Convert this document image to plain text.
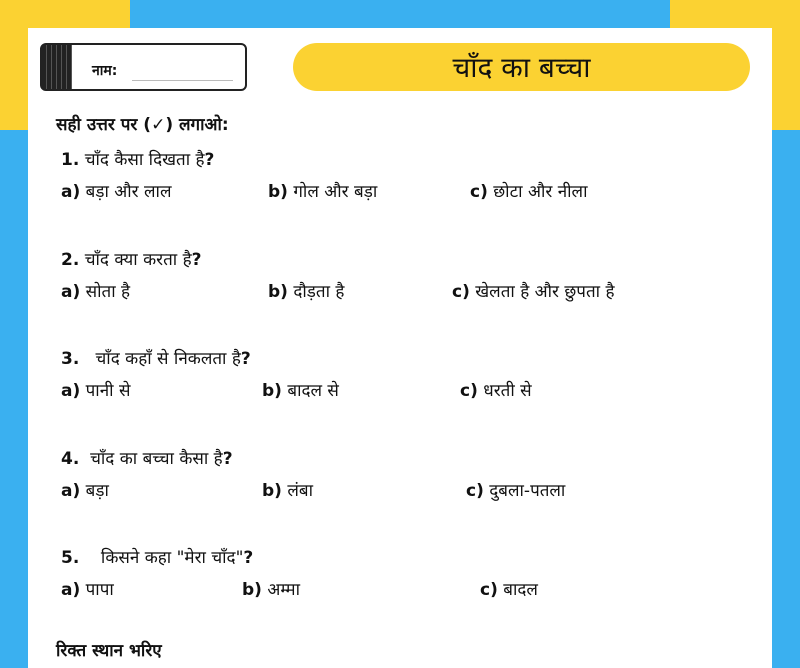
नाम:	चाँद का बच्चा
सही उत्तर पर (✓) लगाओ:
1. चाँद कैसा दिखता है?
a) बड़ा और लाल	b) गोल और बड़ा	c) छोटा और नीला
2. चाँद क्या करता है?
a) सोता है	b) दौड़ता है	c) खेलता है और छुपता है
3. चाँद कहाँ से निकलता है?
a) पानी से	b) बादल से	c) धरती से
4. चाँद का बच्चा कैसा है?
a) बड़ा	b) लंबा	c) दुबला-पतला
5. किसने कहा "मेरा चाँद"?
a) पापा	b) अम्मा	c) बादल
रिक्त स्थान भरिए
